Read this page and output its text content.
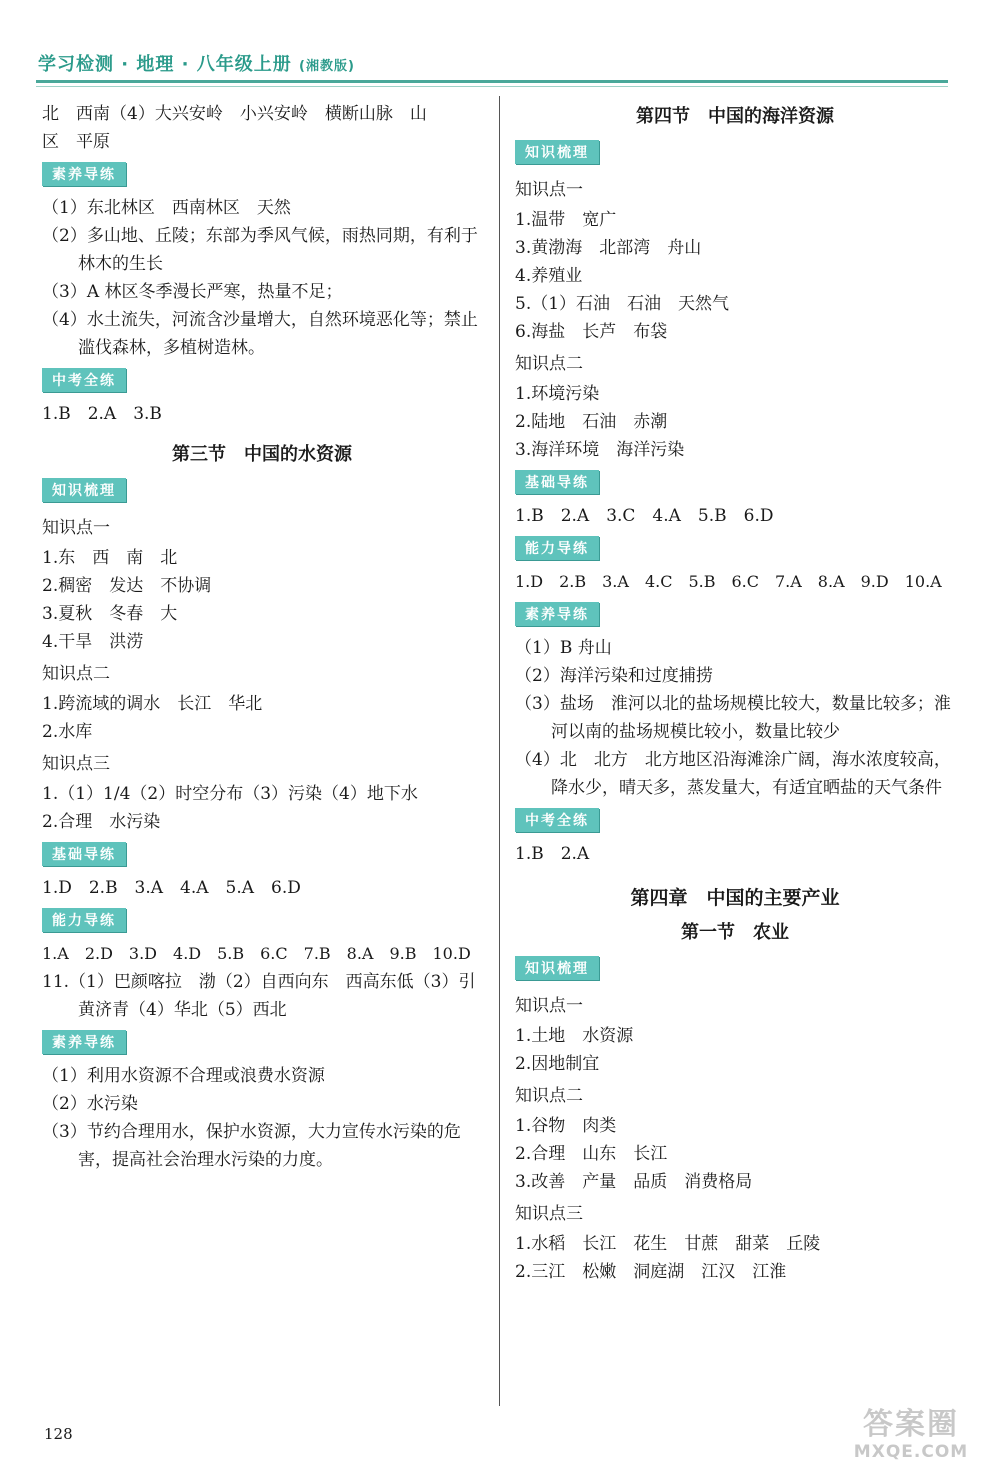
学习检测 · 地理 · 八年级上册 (湘教版)
北　西南（4）大兴安岭　小兴安岭　横断山脉　山
区　平原
素养导练
（1）东北林区　西南林区　天然
（2）多山地、丘陵；东部为季风气候，雨热同期，有利于林木的生长
（3）A 林区冬季漫长严寒，热量不足；
（4）水土流失，河流含沙量增大，自然环境恶化等；禁止滥伐森林，多植树造林。
中考全练
1.B　2.A　3.B
第三节　中国的水资源
知识梳理
知识点一
1.东　西　南　北
2.稠密　发达　不协调
3.夏秋　冬春　大
4.干旱　洪涝
知识点二
1.跨流域的调水　长江　华北
2.水库
知识点三
1.（1）1/4（2）时空分布（3）污染（4）地下水
2.合理　水污染
基础导练
1.D　2.B　3.A　4.A　5.A　6.D
能力导练
1.A　2.D　3.D　4.D　5.B　6.C　7.B　8.A　9.B　10.D
11.（1）巴颜喀拉　渤（2）自西向东　西高东低（3）引黄济青（4）华北（5）西北
素养导练
（1）利用水资源不合理或浪费水资源
（2）水污染
（3）节约合理用水，保护水资源，大力宣传水污染的危害，提高社会治理水污染的力度。
第四节　中国的海洋资源
知识梳理
知识点一
1.温带　宽广
3.黄渤海　北部湾　舟山
4.养殖业
5.（1）石油　石油　天然气
6.海盐　长芦　布袋
知识点二
1.环境污染
2.陆地　石油　赤潮
3.海洋环境　海洋污染
基础导练
1.B　2.A　3.C　4.A　5.B　6.D
能力导练
1.D　2.B　3.A　4.C　5.B　6.C　7.A　8.A　9.D　10.A
素养导练
（1）B 舟山
（2）海洋污染和过度捕捞
（3）盐场　淮河以北的盐场规模比较大，数量比较多；淮河以南的盐场规模比较小，数量比较少
（4）北　北方　北方地区沿海滩涂广阔，海水浓度较高，降水少，晴天多，蒸发量大，有适宜晒盐的天气条件
中考全练
1.B　2.A
第四章　中国的主要产业
第一节　农业
知识梳理
知识点一
1.土地　水资源
2.因地制宜
知识点二
1.谷物　肉类
2.合理　山东　长江
3.改善　产量　品质　消费格局
知识点三
1.水稻　长江　花生　甘蔗　甜菜　丘陵
2.三江　松嫩　洞庭湖　江汉　江淮
128	答案圈
MXQE.COM
